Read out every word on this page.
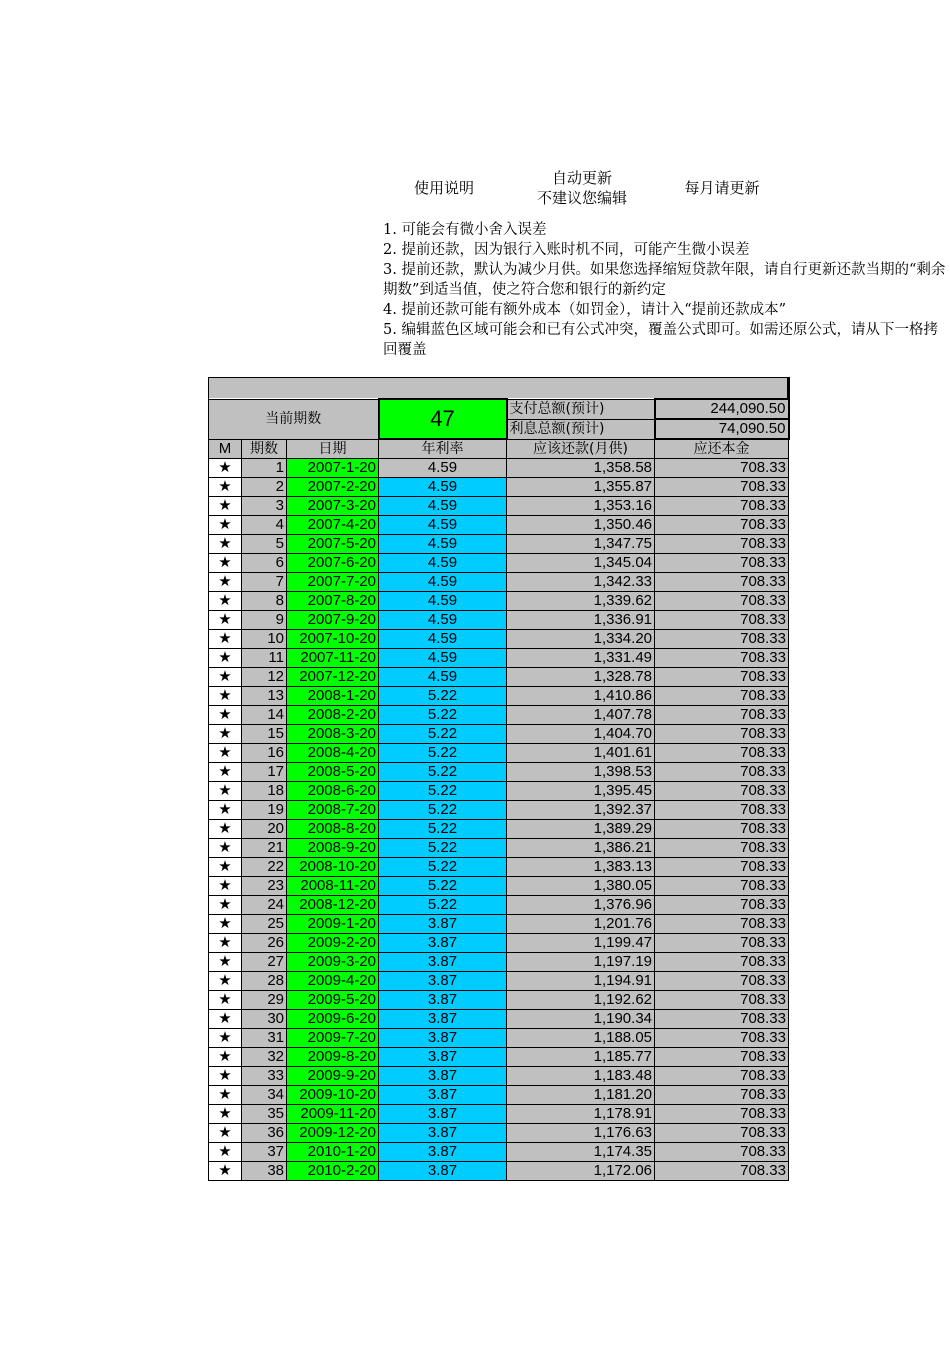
使用说明
自动更新
不建议您编辑
每月请更新
1. 可能会有微小舍入误差
2. 提前还款，因为银行入账时机不同，可能产生微小误差
3. 提前还款，默认为减少月供。如果您选择缩短贷款年限，请自行更新还款当期的“剩余期数”到适当值，使之符合您和银行的新约定
4. 提前还款可能有额外成本（如罚金），请计入“提前还款成本”
5. 编辑蓝色区域可能会和已有公式冲突，覆盖公式即可。如需还原公式，请从下一格拷回覆盖

当前期数			47	支付总额(预计)	244,090.50
				利息总额(预计)	74,090.50
M	期数	日期	年利率	应该还款(月供)	应还本金
★	1	2007-1-20	4.59	1,358.58	708.33
★	2	2007-2-20	4.59	1,355.87	708.33
★	3	2007-3-20	4.59	1,353.16	708.33
★	4	2007-4-20	4.59	1,350.46	708.33
★	5	2007-5-20	4.59	1,347.75	708.33
★	6	2007-6-20	4.59	1,345.04	708.33
★	7	2007-7-20	4.59	1,342.33	708.33
★	8	2007-8-20	4.59	1,339.62	708.33
★	9	2007-9-20	4.59	1,336.91	708.33
★	10	2007-10-20	4.59	1,334.20	708.33
★	11	2007-11-20	4.59	1,331.49	708.33
★	12	2007-12-20	4.59	1,328.78	708.33
★	13	2008-1-20	5.22	1,410.86	708.33
★	14	2008-2-20	5.22	1,407.78	708.33
★	15	2008-3-20	5.22	1,404.70	708.33
★	16	2008-4-20	5.22	1,401.61	708.33
★	17	2008-5-20	5.22	1,398.53	708.33
★	18	2008-6-20	5.22	1,395.45	708.33
★	19	2008-7-20	5.22	1,392.37	708.33
★	20	2008-8-20	5.22	1,389.29	708.33
★	21	2008-9-20	5.22	1,386.21	708.33
★	22	2008-10-20	5.22	1,383.13	708.33
★	23	2008-11-20	5.22	1,380.05	708.33
★	24	2008-12-20	5.22	1,376.96	708.33
★	25	2009-1-20	3.87	1,201.76	708.33
★	26	2009-2-20	3.87	1,199.47	708.33
★	27	2009-3-20	3.87	1,197.19	708.33
★	28	2009-4-20	3.87	1,194.91	708.33
★	29	2009-5-20	3.87	1,192.62	708.33
★	30	2009-6-20	3.87	1,190.34	708.33
★	31	2009-7-20	3.87	1,188.05	708.33
★	32	2009-8-20	3.87	1,185.77	708.33
★	33	2009-9-20	3.87	1,183.48	708.33
★	34	2009-10-20	3.87	1,181.20	708.33
★	35	2009-11-20	3.87	1,178.91	708.33
★	36	2009-12-20	3.87	1,176.63	708.33
★	37	2010-1-20	3.87	1,174.35	708.33
★	38	2010-2-20	3.87	1,172.06	708.33
